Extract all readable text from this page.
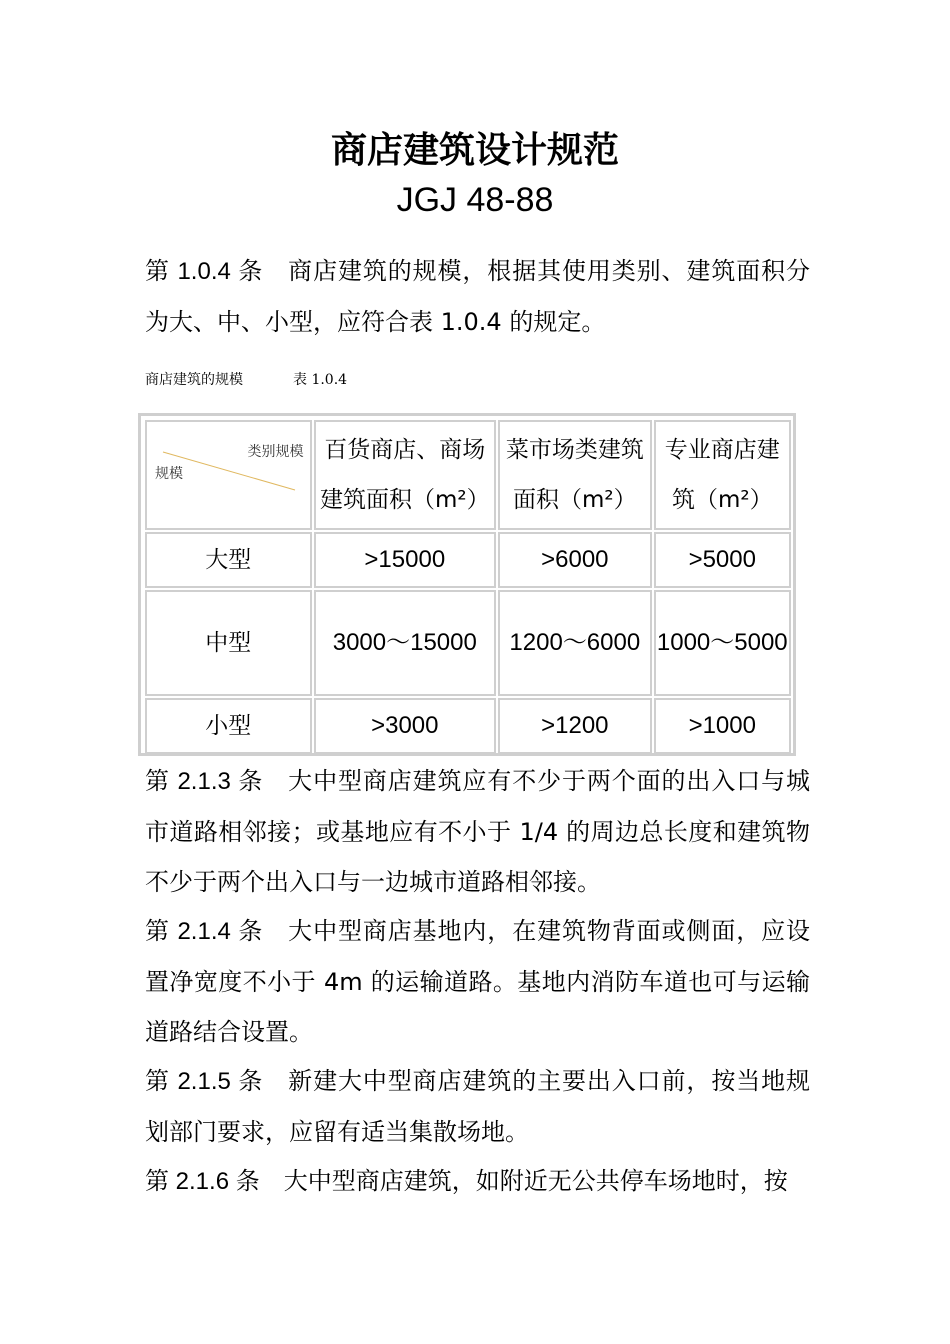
商店建筑设计规范
JGJ 48-88
第 1.0.4 条 商店建筑的规模，根据其使用类别、建筑面积分为大、中、小型，应符合表 1.0.4 的规定。
商店建筑的规模	表 1.0.4
类别规模
规模	百货商店、商场建筑面积（m²）	菜市场类建筑面积（m²）	专业商店建筑（m²）
大型	>15000	>6000	>5000
中型	3000～15000	1200～6000	1000～5000
小型	>3000	>1200	>1000
第 2.1.3 条 大中型商店建筑应有不少于两个面的出入口与城市道路相邻接；或基地应有不小于 1/4 的周边总长度和建筑物不少于两个出入口与一边城市道路相邻接。
第 2.1.4 条 大中型商店基地内，在建筑物背面或侧面，应设置净宽度不小于 4m 的运输道路。基地内消防车道也可与运输道路结合设置。
第 2.1.5 条 新建大中型商店建筑的主要出入口前，按当地规划部门要求，应留有适当集散场地。
第 2.1.6 条 大中型商店建筑，如附近无公共停车场地时，按
